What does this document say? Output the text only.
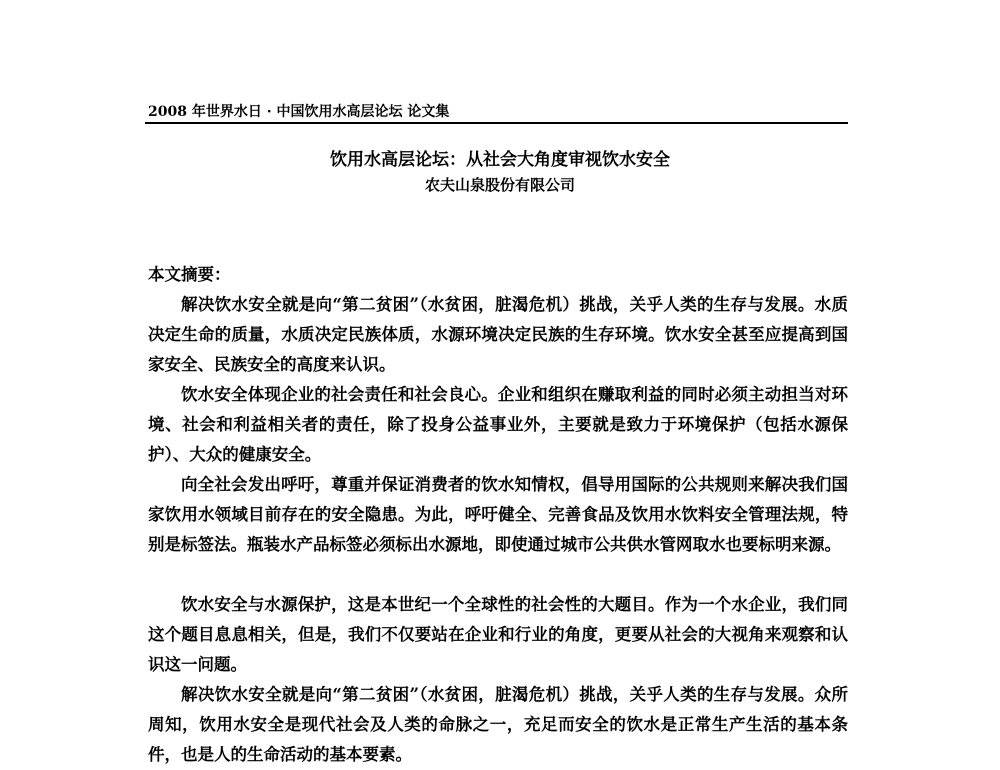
2008 年世界水日 · 中国饮用水高层论坛 论文集
饮用水高层论坛：从社会大角度审视饮水安全
农夫山泉股份有限公司

本文摘要：

解决饮水安全就是向“第二贫困”（水贫困，脏渴危机）挑战，关乎人类的生存与发展。水质决定生命的质量，水质决定民族体质，水源环境决定民族的生存环境。饮水安全甚至应提高到国家安全、民族安全的高度来认识。

饮水安全体现企业的社会责任和社会良心。企业和组织在赚取利益的同时必须主动担当对环境、社会和利益相关者的责任，除了投身公益事业外，主要就是致力于环境保护（包括水源保护）、大众的健康安全。

向全社会发出呼吁，尊重并保证消费者的饮水知情权，倡导用国际的公共规则来解决我们国家饮用水领域目前存在的安全隐患。为此，呼吁健全、完善食品及饮用水饮料安全管理法规，特别是标签法。瓶装水产品标签必须标出水源地，即使通过城市公共供水管网取水也要标明来源。

饮水安全与水源保护，这是本世纪一个全球性的社会性的大题目。作为一个水企业，我们同这个题目息息相关，但是，我们不仅要站在企业和行业的角度，更要从社会的大视角来观察和认识这一问题。

解决饮水安全就是向“第二贫困”（水贫困，脏渴危机）挑战，关乎人类的生存与发展。众所周知，饮用水安全是现代社会及人类的命脉之一，充足而安全的饮水是正常生产生活的基本条件，也是人的生命活动的基本要素。
